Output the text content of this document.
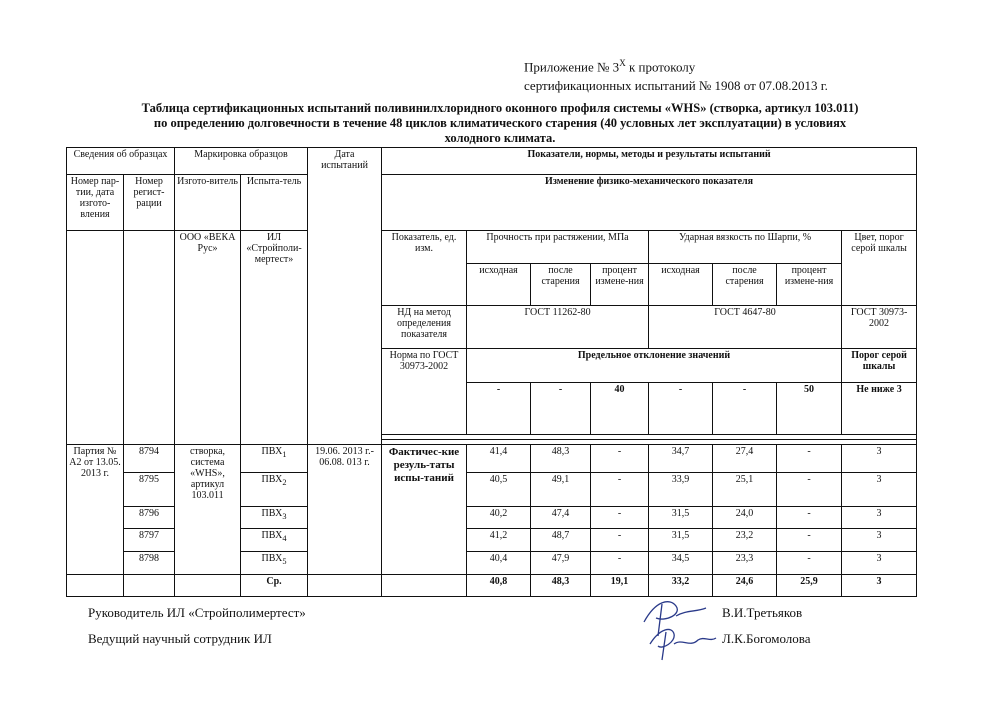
Приложение № $3^X$ к протоколу
сертификационных испытаний № 1908 от 07.08.2013 г.
Таблица сертификационных испытаний поливинилхлоридного оконного профиля системы «WHS» (створка, артикул 103.011)
по определению долговечности в течение 48 циклов климатического старения (40 условных лет эксплуатации) в условиях
холодного климата.
Сведения об образцах		Маркировка образцов		Дата испытаний	Показатели, нормы, методы и результаты испытаний							
Номер пар-тии, дата изгото-вления	Номер регист-рации	Изгото-витель	Испыта-тель		Изменение физико-механического показателя							
		ООО «ВЕКА Рус»	ИЛ «Стройполи-мертест»		Показатель, ед. изм.	Прочность при растяжении, МПа			Ударная вязкость по Шарпи, %			Цвет, порог серой шкалы
						исходная	после старения	процент измене-ния	исходная	после старения	процент измене-ния	
					НД на метод определения показателя	ГОСТ 11262-80			ГОСТ 4647-80			ГОСТ 30973-2002
					Норма по ГОСТ 30973-2002	Предельное отклонение значений						Порог серой шкалы
						-	-	40	-	-	50	Не ниже 3

Партия № А2 от 13.05. 2013 г.	8794	створка, система «WHS», артикул 103.011	$ПВХ_1$	19.06. 2013 г.- 06.08. 013 г.	Фактичес-кие резуль-таты испы-таний	41,4	48,3	-	34,7	27,4	-	3
	8795		$ПВХ_2$			40,5	49,1	-	33,9	25,1	-	3
	8796		$ПВХ_3$			40,2	47,4	-	31,5	24,0	-	3
	8797		$ПВХ_4$			41,2	48,7	-	31,5	23,2	-	3
	8798		$ПВХ_5$			40,4	47,9	-	34,5	23,3	-	3
			Ср.			40,8	48,3	19,1	33,2	24,6	25,9	3
Руководитель ИЛ «Стройполимертест»
Ведущий научный сотрудник ИЛ
В.И.Третьяков
Л.К.Богомолова
